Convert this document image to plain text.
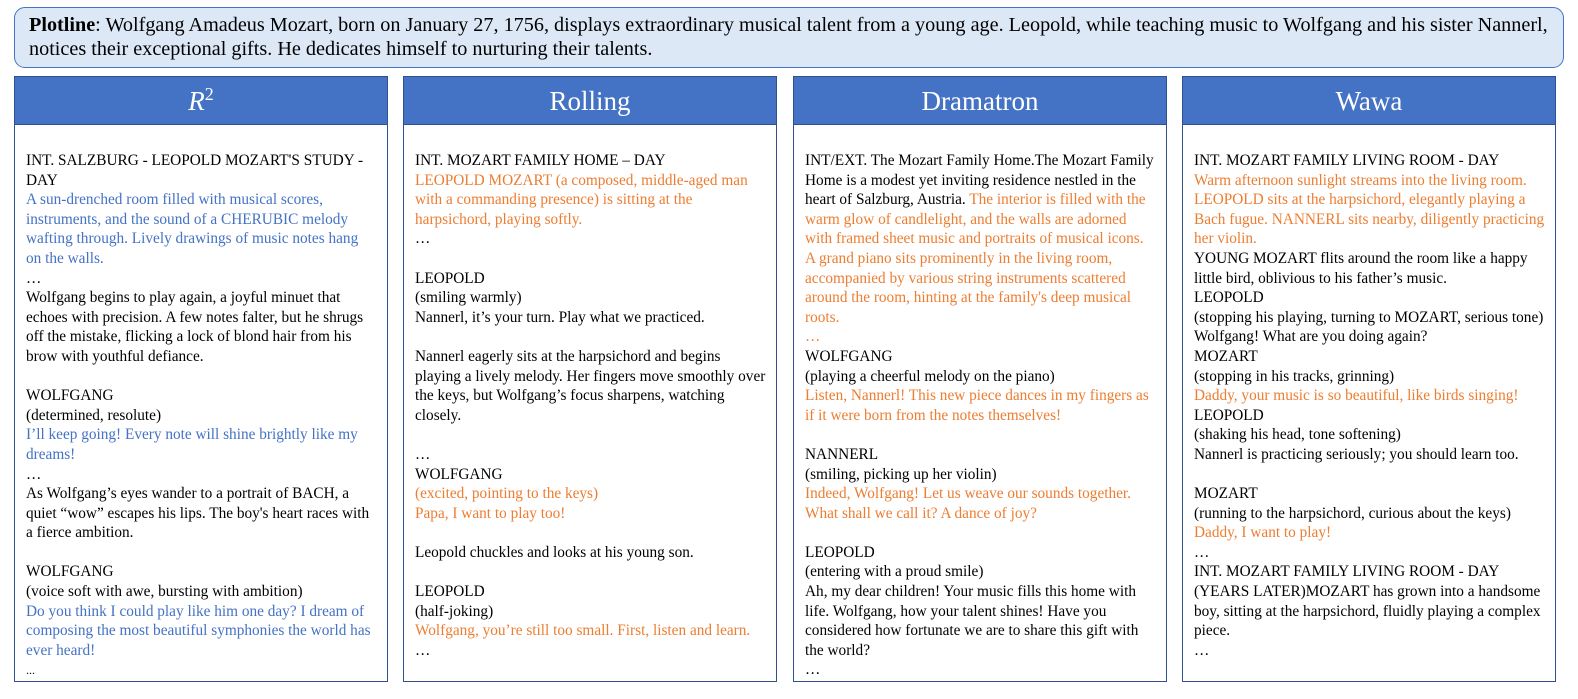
Plotline: Wolfgang Amadeus Mozart, born on January 27, 1756, displays extraordinary musical talent from a young age. Leopold, while teaching music to Wolfgang and his sister Nannerl, notices their exceptional gifts. He dedicates himself to nurturing their talents.
$R^2$
INT. SALZBURG - LEOPOLD MOZART'S STUDY - DAY
A sun-drenched room filled with musical scores, instruments, and the sound of a CHERUBIC melody wafting through. Lively drawings of music notes hang on the walls.
…
Wolfgang begins to play again, a joyful minuet that echoes with precision. A few notes falter, but he shrugs off the mistake, flicking a lock of blond hair from his brow with youthful defiance.
WOLFGANG
(determined, resolute)
I’ll keep going! Every note will shine brightly like my dreams!
…
As Wolfgang’s eyes wander to a portrait of BACH, a quiet “wow” escapes his lips. The boy's heart races with a fierce ambition.
WOLFGANG
(voice soft with awe, bursting with ambition)
Do you think I could play like him one day? I dream of composing the most beautiful symphonies the world has ever heard!
...
Rolling
INT. MOZART FAMILY HOME – DAY
LEOPOLD MOZART (a composed, middle-aged man with a commanding presence) is sitting at the harpsichord, playing softly.
…
LEOPOLD
(smiling warmly)
Nannerl, it’s your turn. Play what we practiced.
Nannerl eagerly sits at the harpsichord and begins playing a lively melody. Her fingers move smoothly over the keys, but Wolfgang’s focus sharpens, watching closely.
…
WOLFGANG
(excited, pointing to the keys)
Papa, I want to play too!
Leopold chuckles and looks at his young son.
LEOPOLD
(half-joking)
Wolfgang, you’re still too small. First, listen and learn.
…
Dramatron
INT/EXT. The Mozart Family Home.The Mozart Family Home is a modest yet inviting residence nestled in the heart of Salzburg, Austria. The interior is filled with the warm glow of candlelight, and the walls are adorned with framed sheet music and portraits of musical icons. A grand piano sits prominently in the living room, accompanied by various string instruments scattered around the room, hinting at the family's deep musical roots.
…
WOLFGANG
(playing a cheerful melody on the piano)
Listen, Nannerl! This new piece dances in my fingers as if it were born from the notes themselves!
NANNERL
(smiling, picking up her violin)
Indeed, Wolfgang! Let us weave our sounds together. What shall we call it? A dance of joy?
LEOPOLD
(entering with a proud smile)
Ah, my dear children! Your music fills this home with life. Wolfgang, how your talent shines! Have you considered how fortunate we are to share this gift with the world?
…
Wawa
INT. MOZART FAMILY LIVING ROOM - DAY
Warm afternoon sunlight streams into the living room. LEOPOLD sits at the harpsichord, elegantly playing a Bach fugue. NANNERL sits nearby, diligently practicing her violin.
YOUNG MOZART flits around the room like a happy little bird, oblivious to his father’s music.
LEOPOLD
(stopping his playing, turning to MOZART, serious tone)
Wolfgang! What are you doing again?
MOZART
(stopping in his tracks, grinning)
Daddy, your music is so beautiful, like birds singing!
LEOPOLD
(shaking his head, tone softening)
Nannerl is practicing seriously; you should learn too.
MOZART
(running to the harpsichord, curious about the keys)
Daddy, I want to play!
…
INT. MOZART FAMILY LIVING ROOM - DAY (YEARS LATER)MOZART has grown into a handsome boy, sitting at the harpsichord, fluidly playing a complex piece.
…
